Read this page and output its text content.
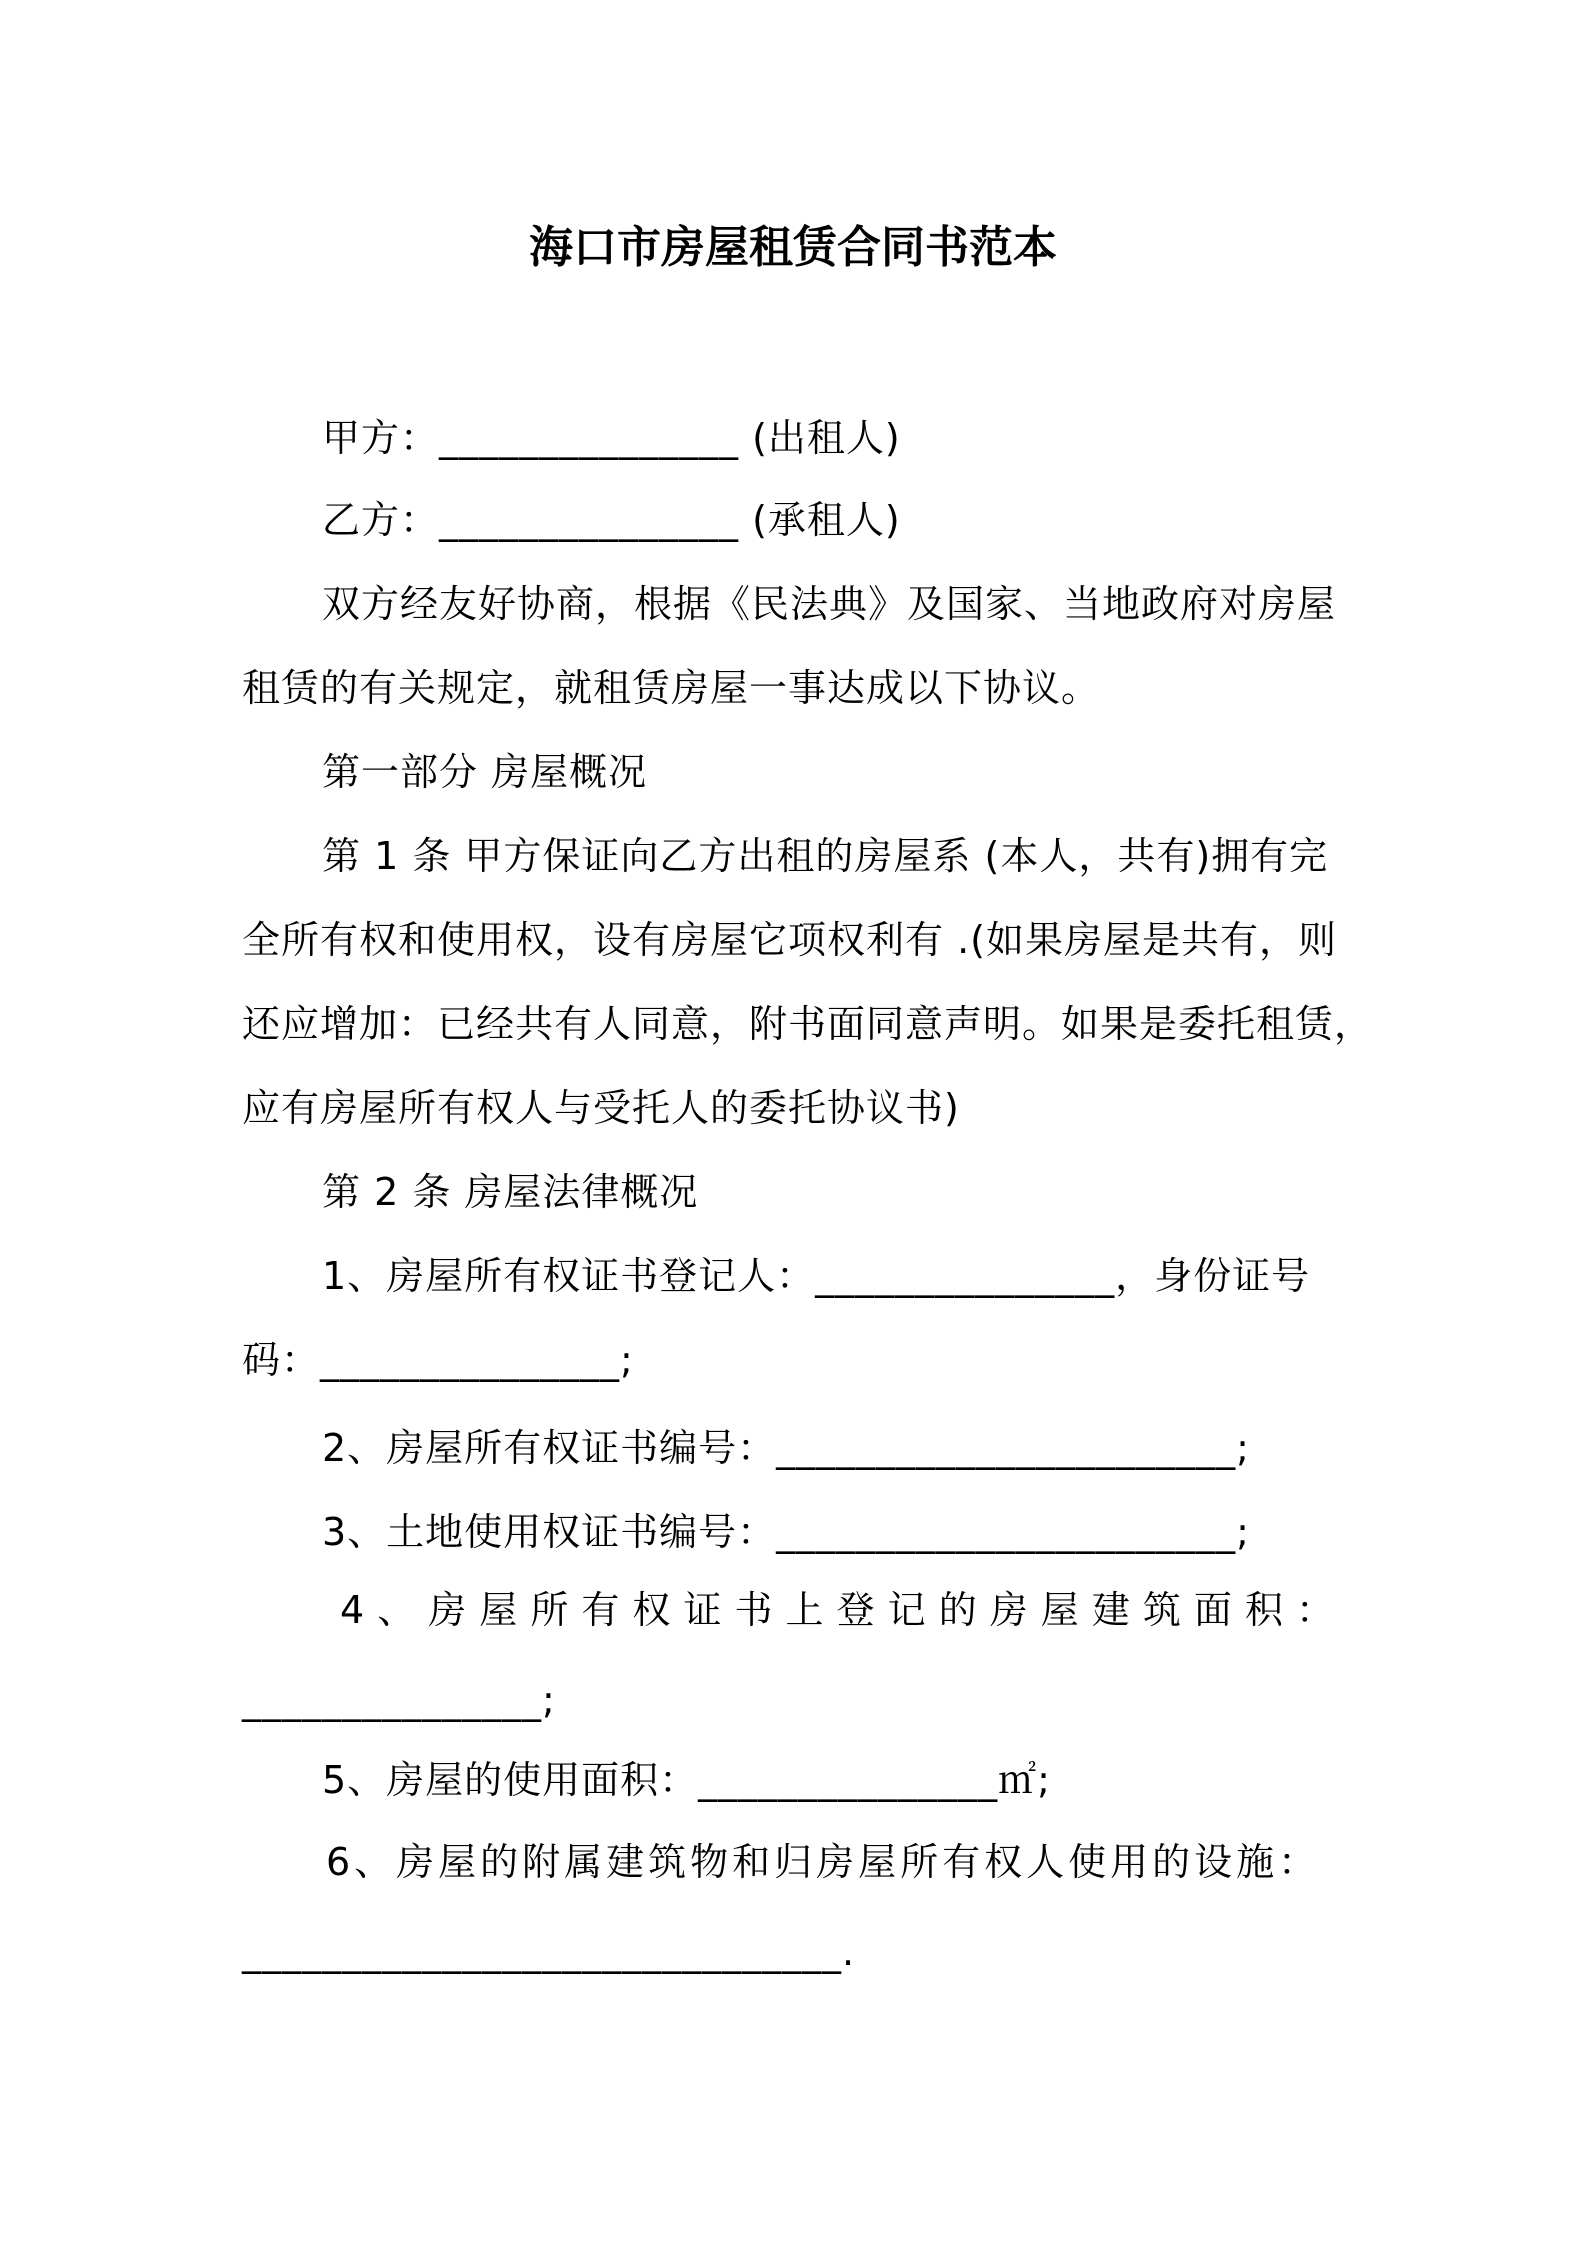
海口市房屋租赁合同书范本
甲方：_______________ (出租人)
乙方：_______________ (承租人)
双方经友好协商，根据《民法典》及国家、当地政府对房屋
租赁的有关规定，就租赁房屋一事达成以下协议。
第一部分 房屋概况
第 1 条 甲方保证向乙方出租的房屋系 (本人，共有)拥有完
全所有权和使用权，设有房屋它项权利有 .(如果房屋是共有，则
还应增加：已经共有人同意，附书面同意声明。如果是委托租赁，
应有房屋所有权人与受托人的委托协议书)
第 2 条 房屋法律概况
1、房屋所有权证书登记人：_______________，身份证号
码：_______________;
2、房屋所有权证书编号：_______________________;
3、土地使用权证书编号：_______________________;
4、房屋所有权证书上登记的房屋建筑面积：
_______________;
5、房屋的使用面积：_______________㎡;
6、房屋的附属建筑物和归房屋所有权人使用的设施：
______________________________.
